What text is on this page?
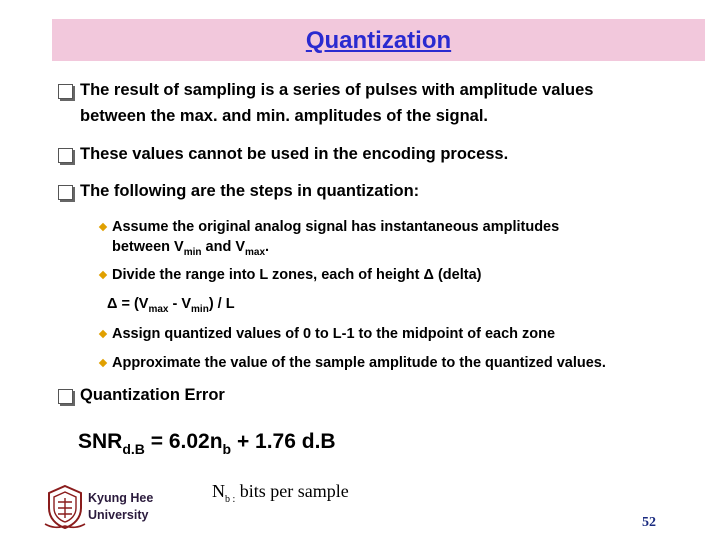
Quantization
The result of sampling is a series of pulses with amplitude values
between the max. and min. amplitudes of the signal.
These values cannot be used in the encoding process.
The following are the steps in quantization:
Assume the original analog signal has instantaneous amplitudes
between $V_{min}$ and $V_{max}$.
Divide the range into L zones, each of height Δ (delta)
$\Delta = (V_{max} - V_{min}) / L$
Assign quantized values of 0 to L-1 to the midpoint of each zone
Approximate the value of the sample amplitude to the quantized values.
Quantization Error
$SNR_{d.B} = 6.02n_b + 1.76$ d.B
$N_{b :}$ bits per sample
Kyung Hee
University	52
